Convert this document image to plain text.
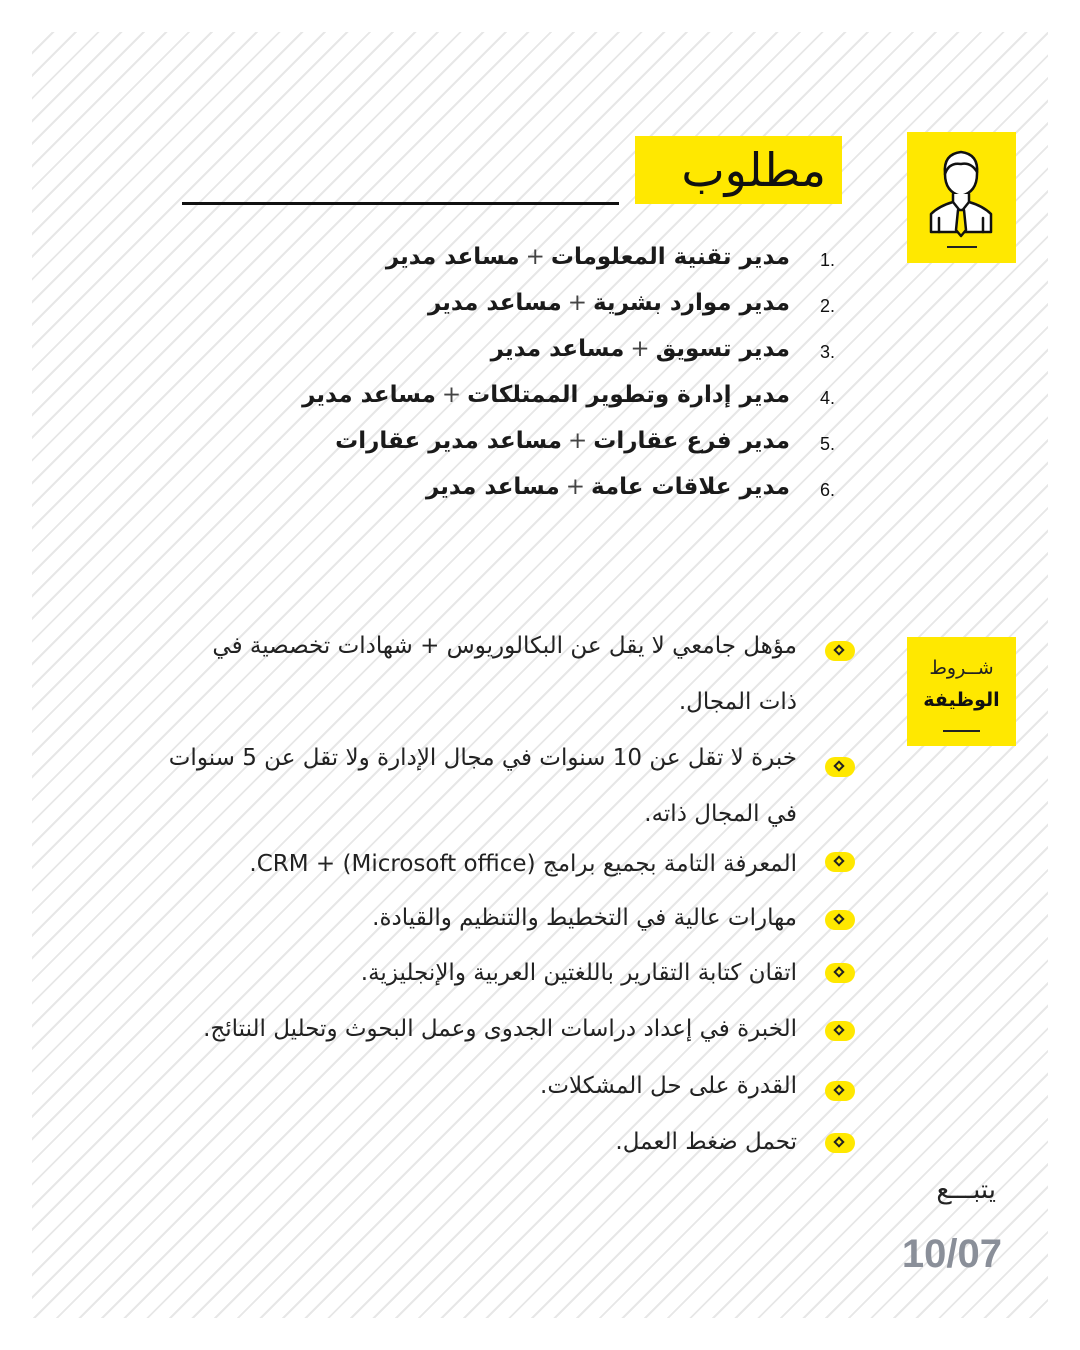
مطلوب
1.
مدير تقنية المعلومات+مساعد مدير
2.
مدير موارد بشرية+مساعد مدير
3.
مدير تسويق+مساعد مدير
4.
مدير إدارة وتطوير الممتلكات+مساعد مدير
5.
مدير فرع عقارات+مساعد مدير عقارات
6.
مدير علاقات عامة+مساعد مدير
شــروط
الوظيفة
مؤهل جامعي لا يقل عن البكالوريوس + شهادات تخصصية في
ذات المجال.
خبرة لا تقل عن 10 سنوات في مجال الإدارة ولا تقل عن 5 سنوات
في المجال ذاته.
المعرفة التامة بجميع برامج (Microsoft office) + CRM.
مهارات عالية في التخطيط والتنظيم والقيادة.
اتقان كتابة التقارير باللغتين العربية والإنجليزية.
الخبرة في إعداد دراسات الجدوى وعمل البحوث وتحليل النتائج.
القدرة على حل المشكلات.
تحمل ضغط العمل.
يتبـــع
10/07
